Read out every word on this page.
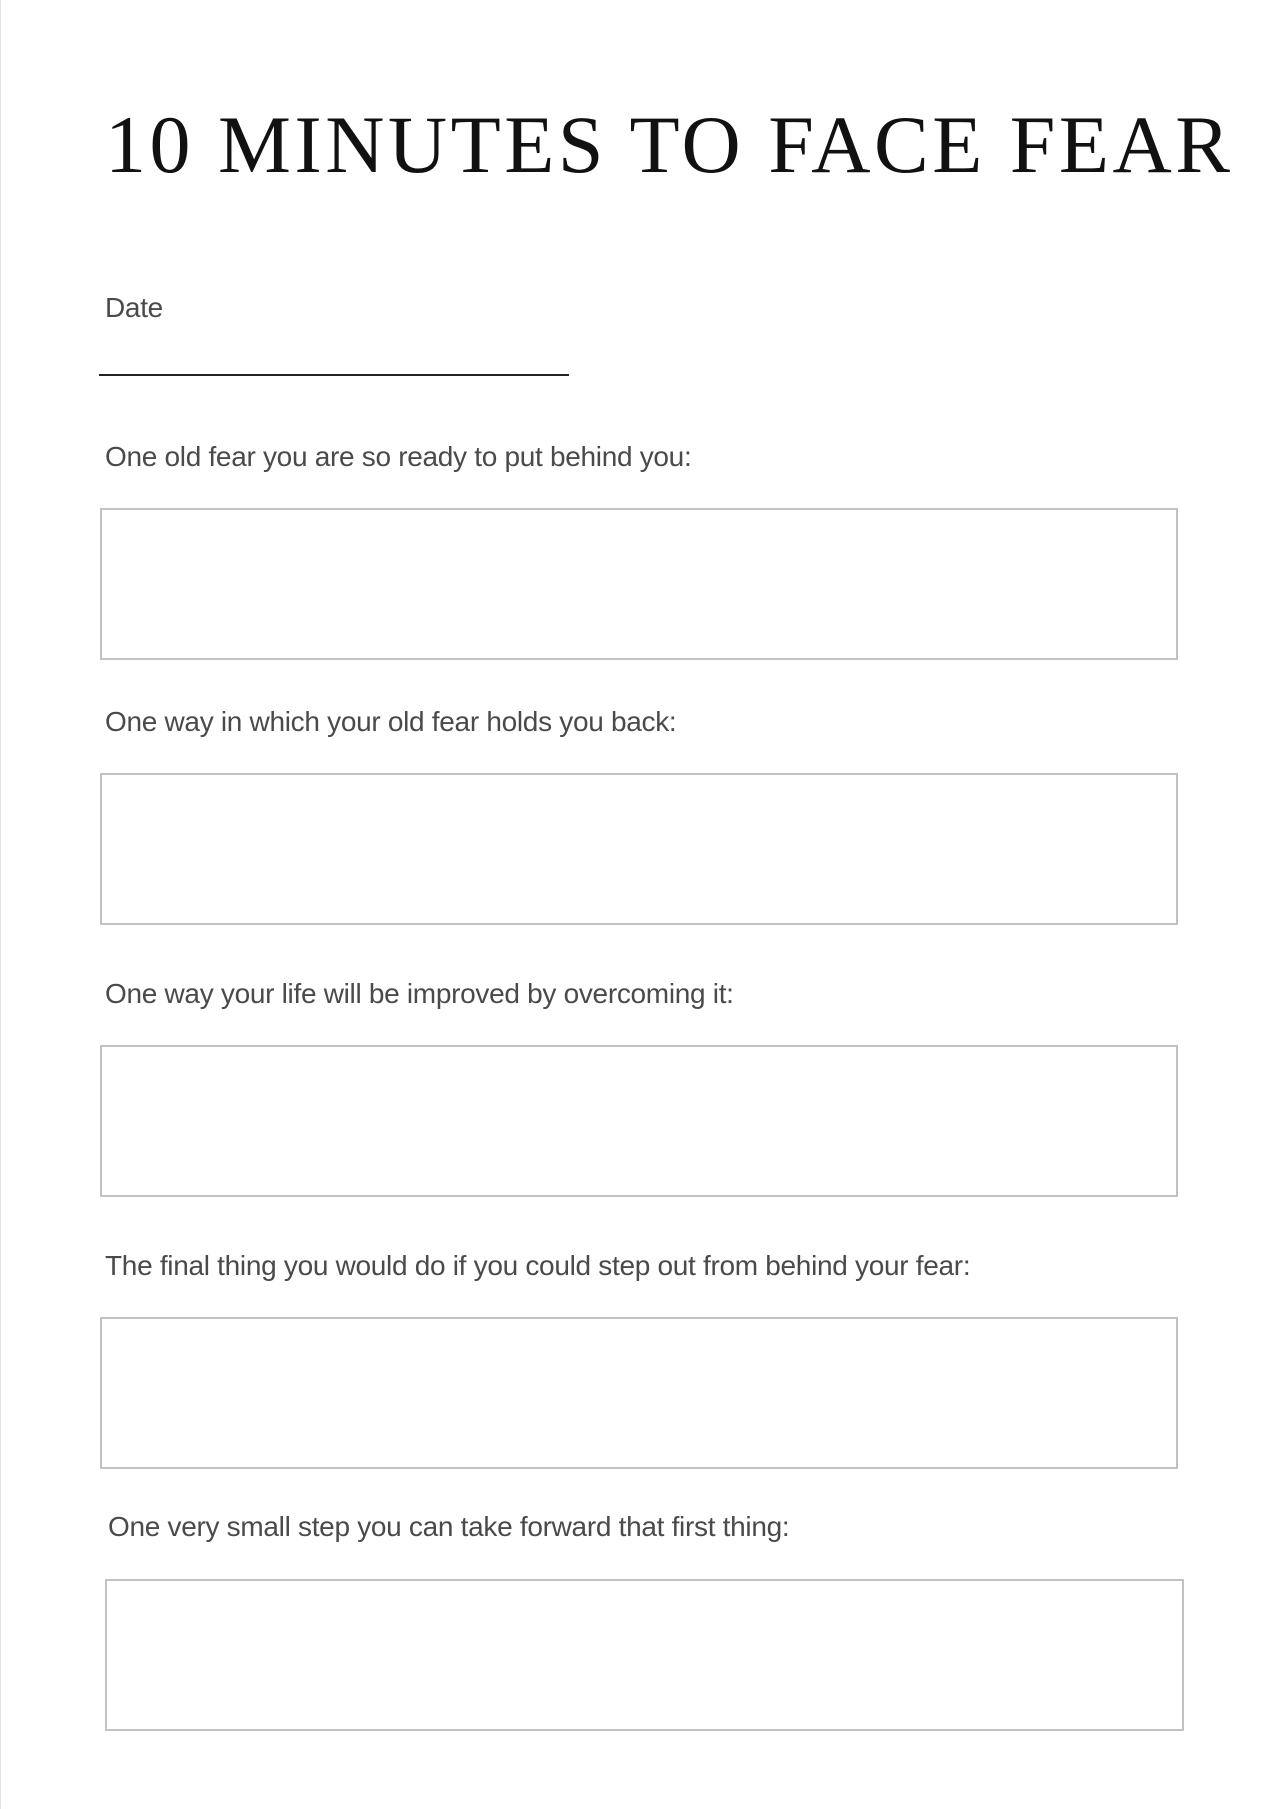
10 MINUTES TO FACE FEAR
Date
One old fear you are so ready to put behind you:
One way in which your old fear holds you back:
One way your life will be improved by overcoming it:
The final thing you would do if you could step out from behind your fear:
One very small step you can take forward that first thing:
